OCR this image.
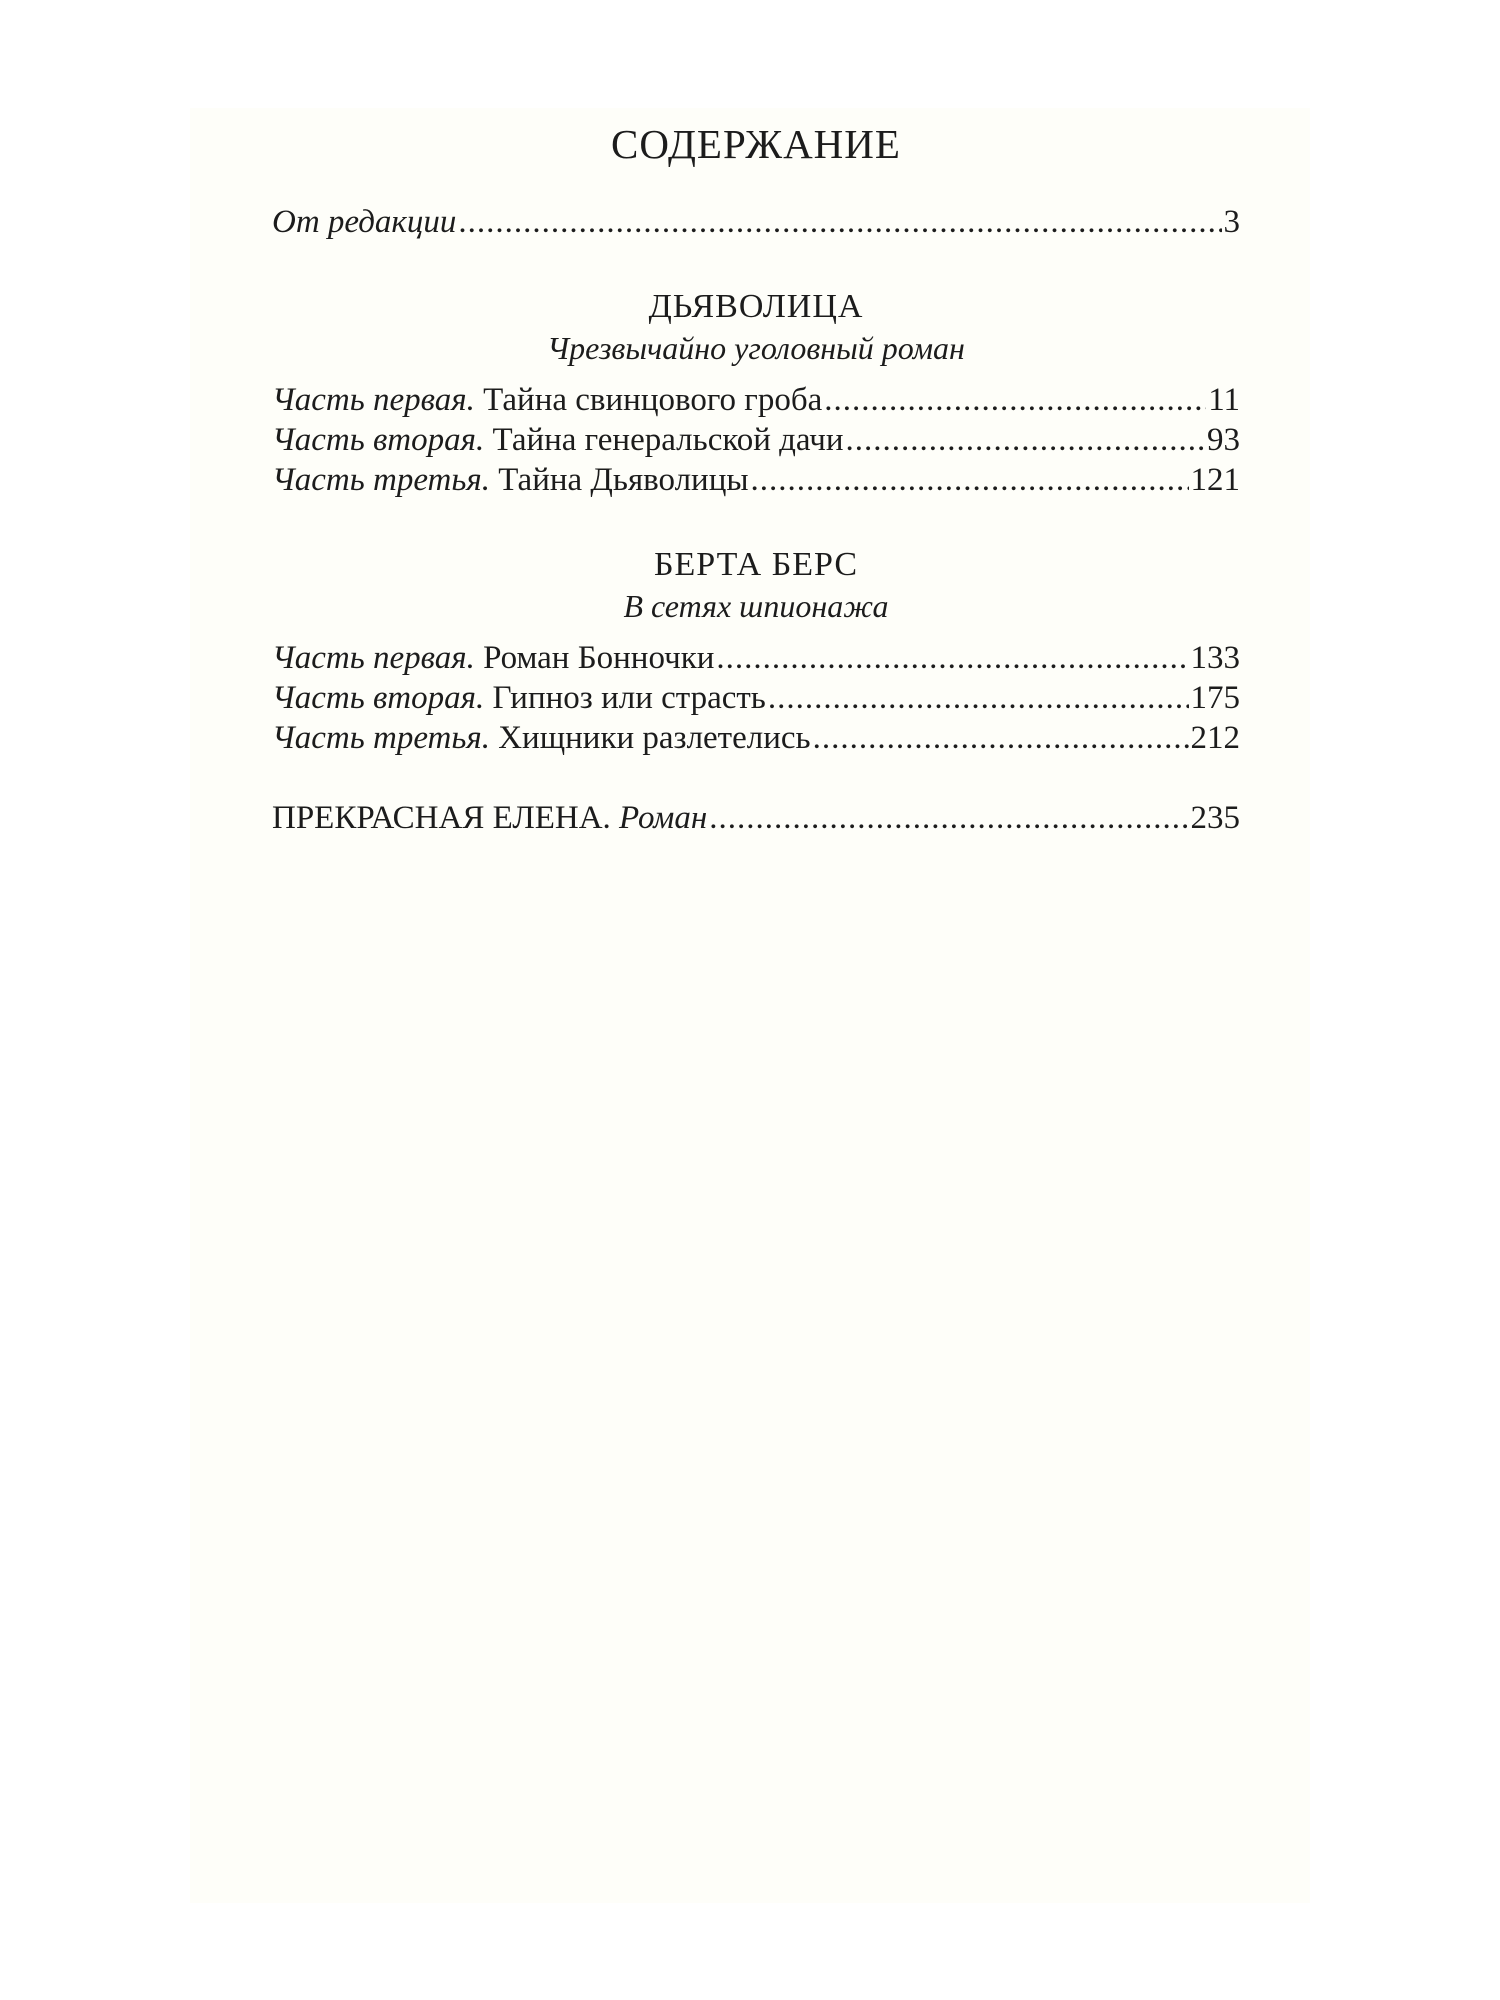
СОДЕРЖАНИЕ
От редакции .....	3
ДЬЯВОЛИЦА
Чрезвычайно уголовный роман
Часть первая. Тайна свинцового гроба .....	11
Часть вторая. Тайна генеральской дачи .....	93
Часть третья. Тайна Дьяволицы .....	121
БЕРТА БЕРС
В сетях шпионажа
Часть первая. Роман Бонночки .....	133
Часть вторая. Гипноз или страсть .....	175
Часть третья. Хищники разлетелись .....	212
ПРЕКРАСНАЯ ЕЛЕНА. Роман .....	235
